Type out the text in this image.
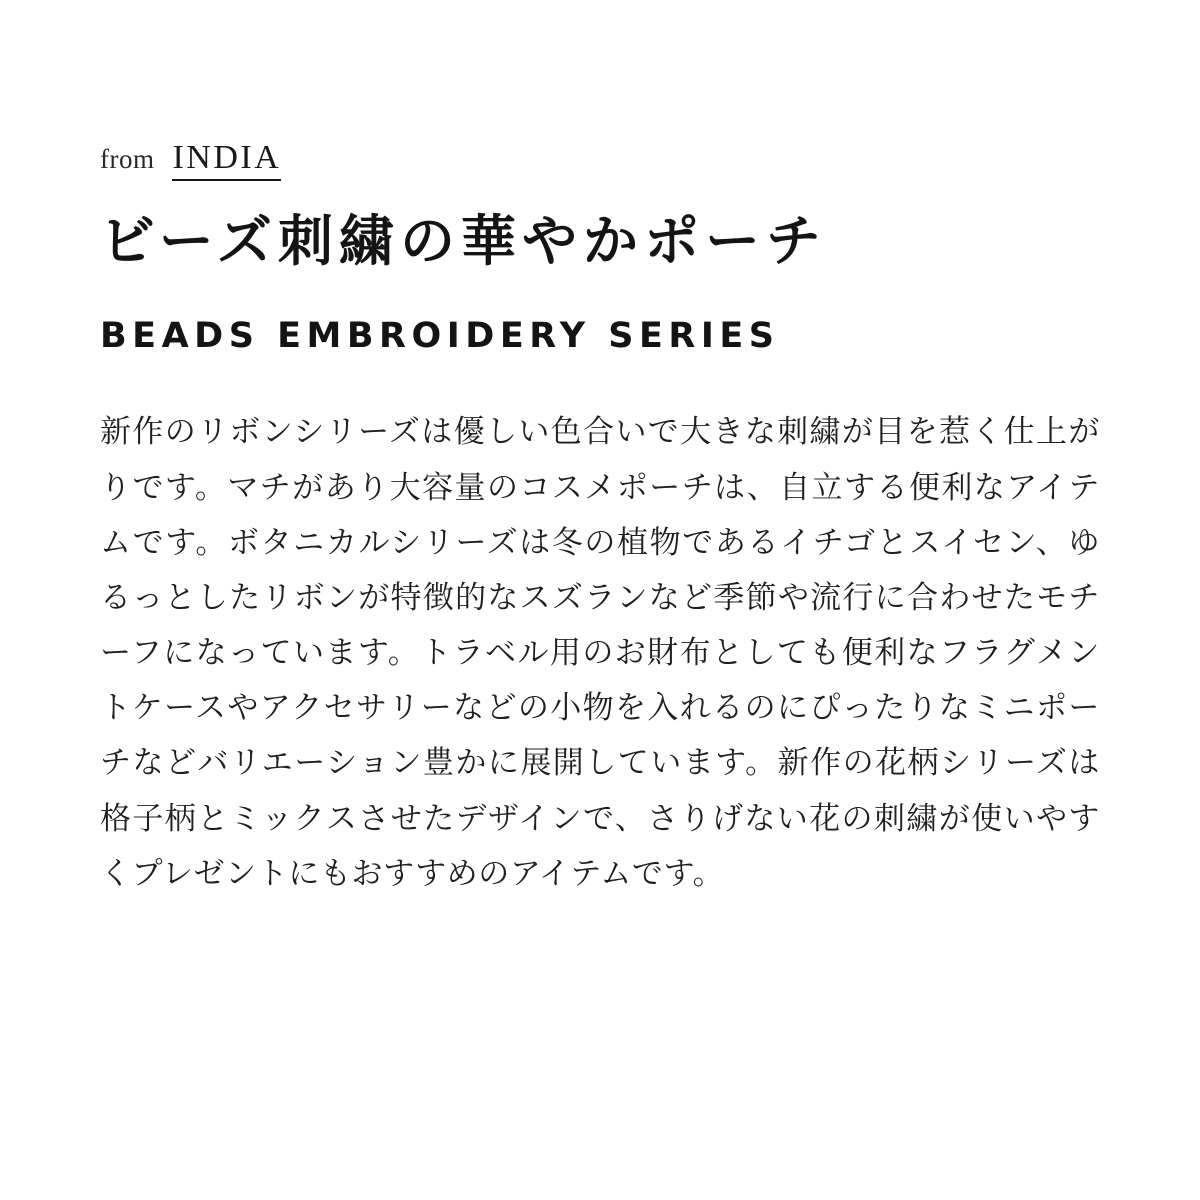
from INDIA
ビーズ刺繍の華やかポーチ
BEADS EMBROIDERY SERIES

新作のリボンシリーズは優しい色合いで大きな刺繍が目を惹く仕上がりです。マチがあり大容量のコスメポーチは、自立する便利なアイテムです。ボタニカルシリーズは冬の植物であるイチゴとスイセン、ゆるっとしたリボンが特徴的なスズランなど季節や流行に合わせたモチーフになっています。トラベル用のお財布としても便利なフラグメントケースやアクセサリーなどの小物を入れるのにぴったりなミニポーチなどバリエーション豊かに展開しています。新作の花柄シリーズは格子柄とミックスさせたデザインで、さりげない花の刺繍が使いやすくプレゼントにもおすすめのアイテムです。
